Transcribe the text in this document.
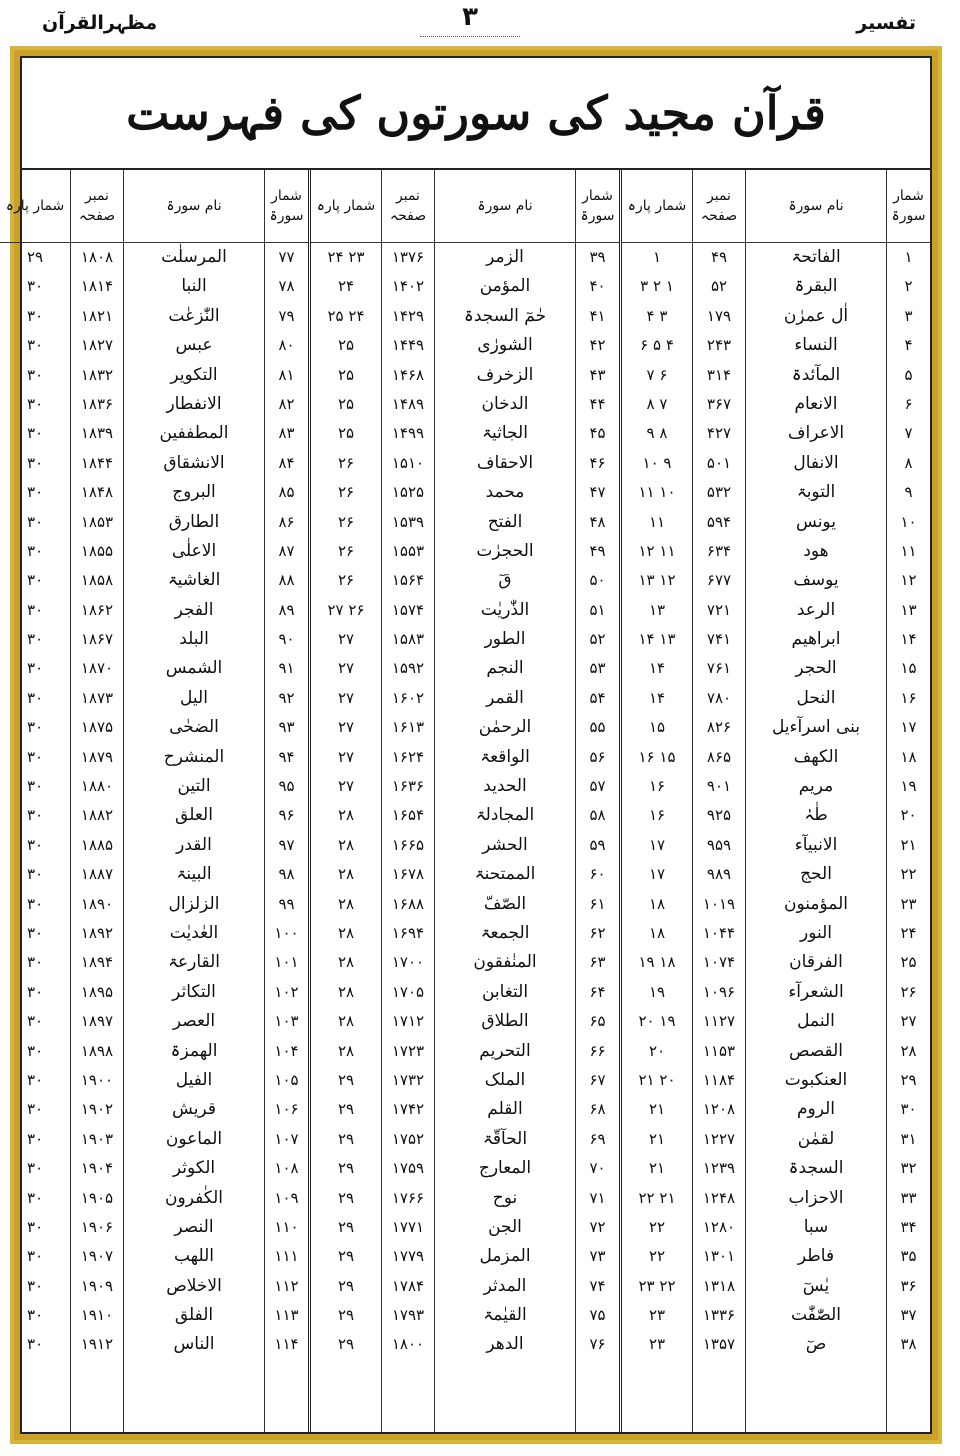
مظہرالقرآن	۳	تفسیر
قرآن مجید کی سورتوں کی فہرست
شمار سورۃ
۱
۲
۳
۴
۵
۶
۷
۸
۹
۱۰
۱۱
۱۲
۱۳
۱۴
۱۵
۱۶
۱۷
۱۸
۱۹
۲۰
۲۱
۲۲
۲۳
۲۴
۲۵
۲۶
۲۷
۲۸
۲۹
۳۰
۳۱
۳۲
۳۳
۳۴
۳۵
۳۶
۳۷
۳۸
نام سورۃ
الفاتحۃ
البقرۃ
اٰل عمرٰن
النساء
المآئدۃ
الانعام
الاعراف
الانفال
التوبۃ
یونس
ھود
یوسف
الرعد
ابراھیم
الحجر
النحل
بنی اسرآءیل
الکھف
مریم
طٰہٰ
الانبیآء
الحج
المؤمنون
النور
الفرقان
الشعرآء
النمل
القصص
العنکبوت
الروم
لقمٰن
السجدۃ
الاحزاب
سبا
فاطر
یٰسٓ
الصّٰفّٰت
صٓ
نمبر صفحہ
۴۹
۵۲
۱۷۹
۲۴۳
۳۱۴
۳۶۷
۴۲۷
۵۰۱
۵۳۲
۵۹۴
۶۳۴
۶۷۷
۷۲۱
۷۴۱
۷۶۱
۷۸۰
۸۲۶
۸۶۵
۹۰۱
۹۲۵
۹۵۹
۹۸۹
۱۰۱۹
۱۰۴۴
۱۰۷۴
۱۰۹۶
۱۱۲۷
۱۱۵۳
۱۱۸۴
۱۲۰۸
۱۲۲۷
۱۲۳۹
۱۲۴۸
۱۲۸۰
۱۳۰۱
۱۳۱۸
۱۳۳۶
۱۳۵۷
شمار پارہ
۱
۱ ۲ ۳
۳ ۴
۴ ۵ ۶
۶ ۷
۷ ۸
۸ ۹
۹ ۱۰
۱۰ ۱۱
۱۱
۱۱ ۱۲
۱۲ ۱۳
۱۳
۱۳ ۱۴
۱۴
۱۴
۱۵
۱۵ ۱۶
۱۶
۱۶
۱۷
۱۷
۱۸
۱۸
۱۸ ۱۹
۱۹
۱۹ ۲۰
۲۰
۲۰ ۲۱
۲۱
۲۱
۲۱
۲۱ ۲۲
۲۲
۲۲
۲۲ ۲۳
۲۳
۲۳
شمار سورۃ
۳۹
۴۰
۴۱
۴۲
۴۳
۴۴
۴۵
۴۶
۴۷
۴۸
۴۹
۵۰
۵۱
۵۲
۵۳
۵۴
۵۵
۵۶
۵۷
۵۸
۵۹
۶۰
۶۱
۶۲
۶۳
۶۴
۶۵
۶۶
۶۷
۶۸
۶۹
۷۰
۷۱
۷۲
۷۳
۷۴
۷۵
۷۶
نام سورۃ
الزمر
المؤمن
حٰمٓ السجدۃ
الشورٰی
الزخرف
الدخان
الجاثیۃ
الاحقاف
محمد
الفتح
الحجرٰت
قٓ
الذّٰریٰت
الطور
النجم
القمر
الرحمٰن
الواقعۃ
الحدید
المجادلۃ
الحشر
الممتحنۃ
الصّفّ
الجمعۃ
المنٰفقون
التغابن
الطلاق
التحریم
الملک
القلم
الحآقّۃ
المعارج
نوح
الجن
المزمل
المدثر
القیٰمۃ
الدھر
نمبر صفحہ
۱۳۷۶
۱۴۰۲
۱۴۲۹
۱۴۴۹
۱۴۶۸
۱۴۸۹
۱۴۹۹
۱۵۱۰
۱۵۲۵
۱۵۳۹
۱۵۵۳
۱۵۶۴
۱۵۷۴
۱۵۸۳
۱۵۹۲
۱۶۰۲
۱۶۱۳
۱۶۲۴
۱۶۳۶
۱۶۵۴
۱۶۶۵
۱۶۷۸
۱۶۸۸
۱۶۹۴
۱۷۰۰
۱۷۰۵
۱۷۱۲
۱۷۲۳
۱۷۳۲
۱۷۴۲
۱۷۵۲
۱۷۵۹
۱۷۶۶
۱۷۷۱
۱۷۷۹
۱۷۸۴
۱۷۹۳
۱۸۰۰
شمار پارہ
۲۳ ۲۴
۲۴
۲۴ ۲۵
۲۵
۲۵
۲۵
۲۵
۲۶
۲۶
۲۶
۲۶
۲۶
۲۶ ۲۷
۲۷
۲۷
۲۷
۲۷
۲۷
۲۷
۲۸
۲۸
۲۸
۲۸
۲۸
۲۸
۲۸
۲۸
۲۸
۲۹
۲۹
۲۹
۲۹
۲۹
۲۹
۲۹
۲۹
۲۹
۲۹
شمار سورۃ
۷۷
۷۸
۷۹
۸۰
۸۱
۸۲
۸۳
۸۴
۸۵
۸۶
۸۷
۸۸
۸۹
۹۰
۹۱
۹۲
۹۳
۹۴
۹۵
۹۶
۹۷
۹۸
۹۹
۱۰۰
۱۰۱
۱۰۲
۱۰۳
۱۰۴
۱۰۵
۱۰۶
۱۰۷
۱۰۸
۱۰۹
۱۱۰
۱۱۱
۱۱۲
۱۱۳
۱۱۴
نام سورۃ
المرسلٰت
النبا
النّٰزعٰت
عبس
التکویر
الانفطار
المطففین
الانشقاق
البروج
الطارق
الاعلٰی
الغاشیۃ
الفجر
البلد
الشمس
الیل
الضحٰی
المنشرح
التین
العلق
القدر
البینۃ
الزلزال
العٰدیٰت
القارعۃ
التکاثر
العصر
الھمزۃ
الفیل
قریش
الماعون
الکوثر
الکٰفرون
النصر
اللھب
الاخلاص
الفلق
الناس
نمبر صفحہ
۱۸۰۸
۱۸۱۴
۱۸۲۱
۱۸۲۷
۱۸۳۲
۱۸۳۶
۱۸۳۹
۱۸۴۴
۱۸۴۸
۱۸۵۳
۱۸۵۵
۱۸۵۸
۱۸۶۲
۱۸۶۷
۱۸۷۰
۱۸۷۳
۱۸۷۵
۱۸۷۹
۱۸۸۰
۱۸۸۲
۱۸۸۵
۱۸۸۷
۱۸۹۰
۱۸۹۲
۱۸۹۴
۱۸۹۵
۱۸۹۷
۱۸۹۸
۱۹۰۰
۱۹۰۲
۱۹۰۳
۱۹۰۴
۱۹۰۵
۱۹۰۶
۱۹۰۷
۱۹۰۹
۱۹۱۰
۱۹۱۲
شمار پارہ
۲۹
۳۰
۳۰
۳۰
۳۰
۳۰
۳۰
۳۰
۳۰
۳۰
۳۰
۳۰
۳۰
۳۰
۳۰
۳۰
۳۰
۳۰
۳۰
۳۰
۳۰
۳۰
۳۰
۳۰
۳۰
۳۰
۳۰
۳۰
۳۰
۳۰
۳۰
۳۰
۳۰
۳۰
۳۰
۳۰
۳۰
۳۰
